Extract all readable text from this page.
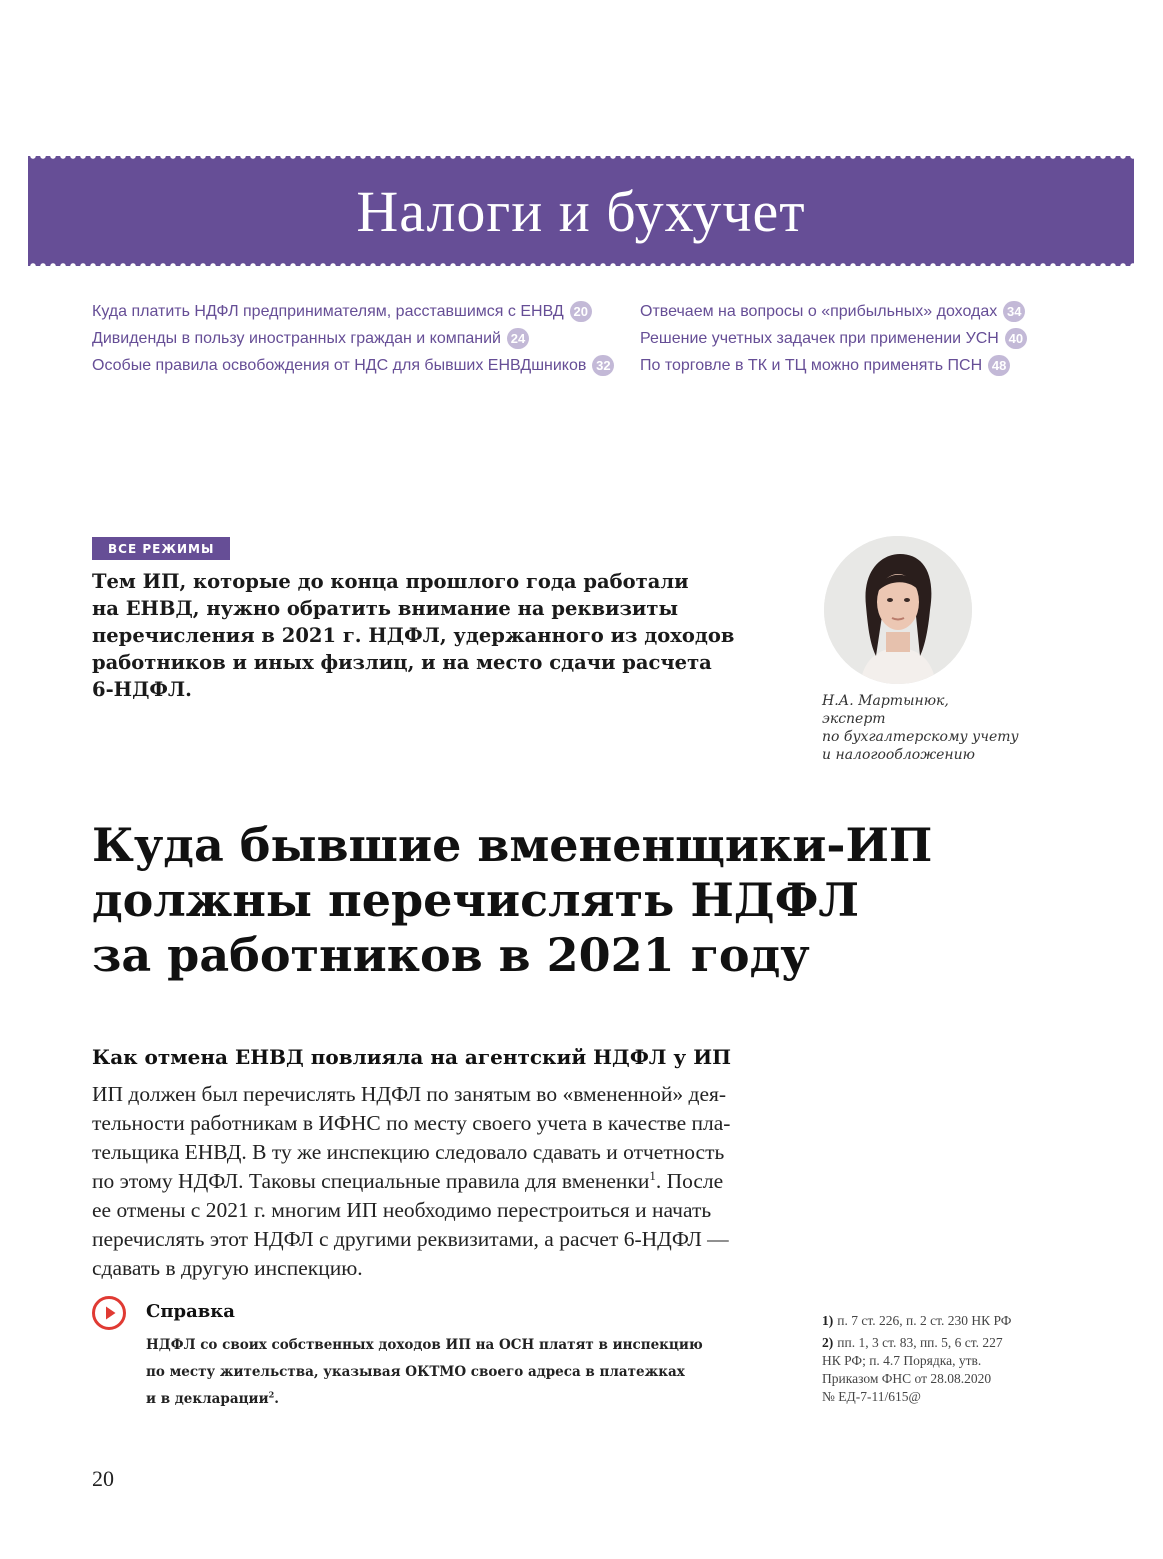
Налоги и бухучет
Куда платить НДФЛ предпринимателям, расставшимся с ЕНВД 20
Дивиденды в пользу иностранных граждан и компаний 24
Особые правила освобождения от НДС для бывших ЕНВДшников 32
Отвечаем на вопросы о «прибыльных» доходах 34
Решение учетных задачек при применении УСН 40
По торговле в ТК и ТЦ можно применять ПСН 48
ВСЕ РЕЖИМЫ
Тем ИП, которые до конца прошлого года работали
на ЕНВД, нужно обратить внимание на реквизиты
перечисления в 2021 г. НДФЛ, удержанного из доходов
работников и иных физлиц, и на место сдачи расчета
6-НДФЛ.	Н.А. Мартынюк,
эксперт
по бухгалтерскому учету
и налогообложению
Куда бывшие вмененщики-ИП
должны перечислять НДФЛ
за работников в 2021 году
Как отмена ЕНВД повлияла на агентский НДФЛ у ИП
ИП должен был перечислять НДФЛ по занятым во «вмененной» дея-
тельности работникам в ИФНС по месту своего учета в качестве пла-
тельщика ЕНВД. В ту же инспекцию следовало сдавать и отчетность
по этому НДФЛ. Таковы специальные правила для вмененки$^1$. После
ее отмены с 2021 г. многим ИП необходимо перестроиться и начать
перечислять этот НДФЛ с другими реквизитами, а расчет 6-НДФЛ —
сдавать в другую инспекцию.
Справка
НДФЛ со своих собственных доходов ИП на ОСН платят в инспекцию
по месту жительства, указывая ОКТМО своего адреса в платежках
и в декларации$^2$.
1) п. 7 ст. 226, п. 2 ст. 230 НК РФ
2) пп. 1, 3 ст. 83, пп. 5, 6 ст. 227
НК РФ; п. 4.7 Порядка, утв.
Приказом ФНС от 28.08.2020
№ ЕД-7-11/615@
20
